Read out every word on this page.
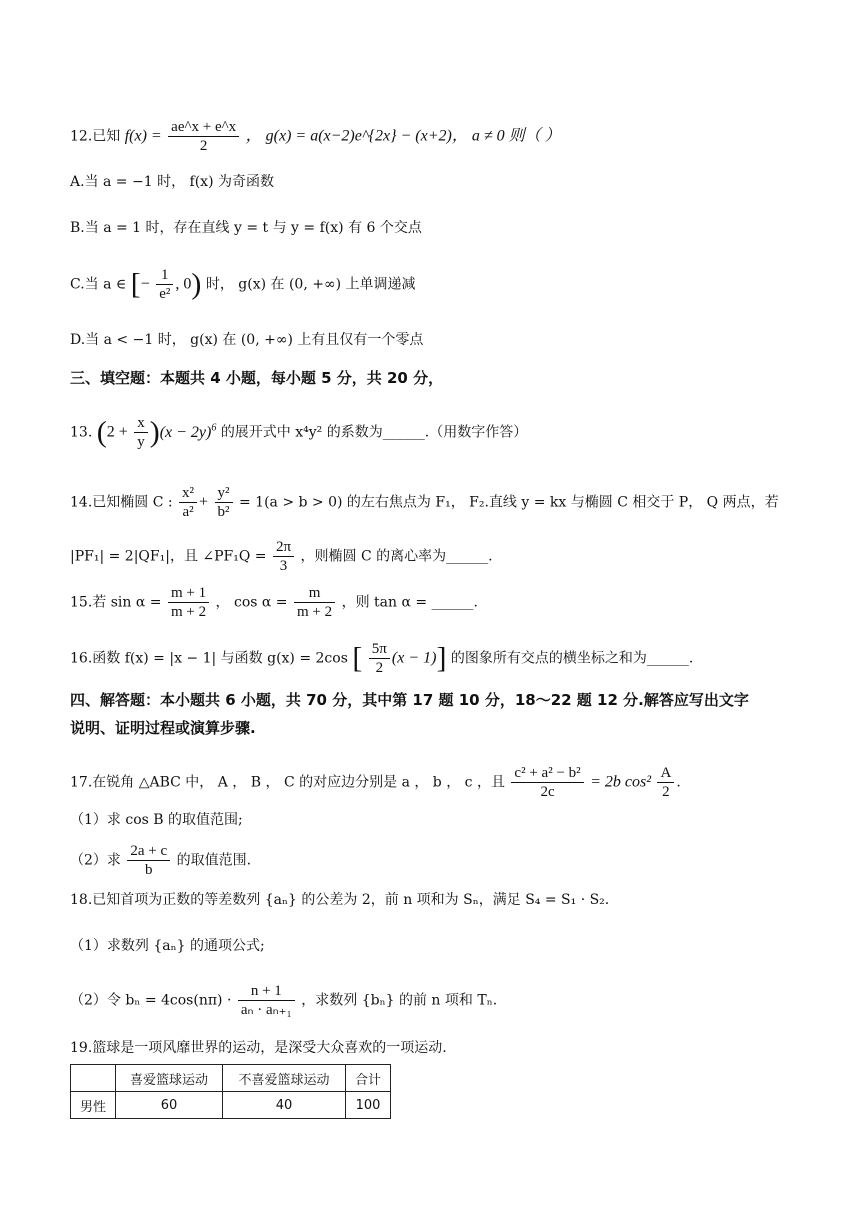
12.已知 $f(x) = \frac{ae\^{}x + e\^{}x}{2}$ ， g(x) = a(x−2)e^{2x} − (x+2)， a ≠ 0 则（ ）
A.当 a = −1 时， f(x) 为奇函数
B.当 a = 1 时，存在直线 y = t 与 y = f(x) 有 6 个交点
C.当 a ∈ [− $\frac{1}{\text{e²}}$ , 0) 时， g(x) 在 (0, +∞) 上单调递减
D.当 a < −1 时， g(x) 在 (0, +∞) 上有且仅有一个零点
三、填空题：本题共 4 小题，每小题 5 分，共 20 分，
13. $(2 + \frac{x}{y} )(x - 2y)^6$ 的展开式中 x⁴y² 的系数为______.（用数字作答）
14.已知椭圆 C : $\frac{\text{x²}}{\text{a²}} + \frac{\text{y²}}{\text{b²}} = 1(a > b > 0)$ 的左右焦点为 F₁， F₂.直线 y = kx 与椭圆 C 相交于 P， Q 两点，若
|PF₁| = 2|QF₁|，且 ∠PF₁Q = $\frac{2\pi}{3}$ ，则椭圆 C 的离心率为______.
15.若 $\sin \alpha = \frac{m + 1}{m + 2}$ ， $\cos \alpha = \frac{m}{m + 2}$ ，则 tan α = ______.
16.函数 f(x) = |x − 1| 与函数 g(x) = 2cos [ $\frac{5\pi}{2} (x - 1)$] 的图象所有交点的横坐标之和为______.
四、解答题：本小题共 6 小题，共 70 分，其中第 17 题 10 分，18～22 题 12 分.解答应写出文字
说明、证明过程或演算步骤.
17.在锐角 △ABC 中， A ， B ， C 的对应边分别是 a ， b ， c ，且 $\frac{\text{c² + a² − b²}}{2c} = 2b$ $\cos^2 \frac{A}{2}$ .
（1）求 cos B 的取值范围;
（2）求 $\frac{2a + c}{b}$ 的取值范围.
18.已知首项为正数的等差数列 {aₙ} 的公差为 2，前 n 项和为 Sₙ，满足 S₄ = S₁ · S₂.
（1）求数列 {aₙ} 的通项公式;
（2）令 $b_n = 4\cos(n\pi) \cdot \frac{n + 1}{\text{aₙ · aₙ₊₁}}$ ，求数列 {bₙ} 的前 n 项和 Tₙ.
19.篮球是一项风靡世界的运动，是深受大众喜欢的一项运动.
	喜爱篮球运动	不喜爱篮球运动	合计
男性	60	40	100
